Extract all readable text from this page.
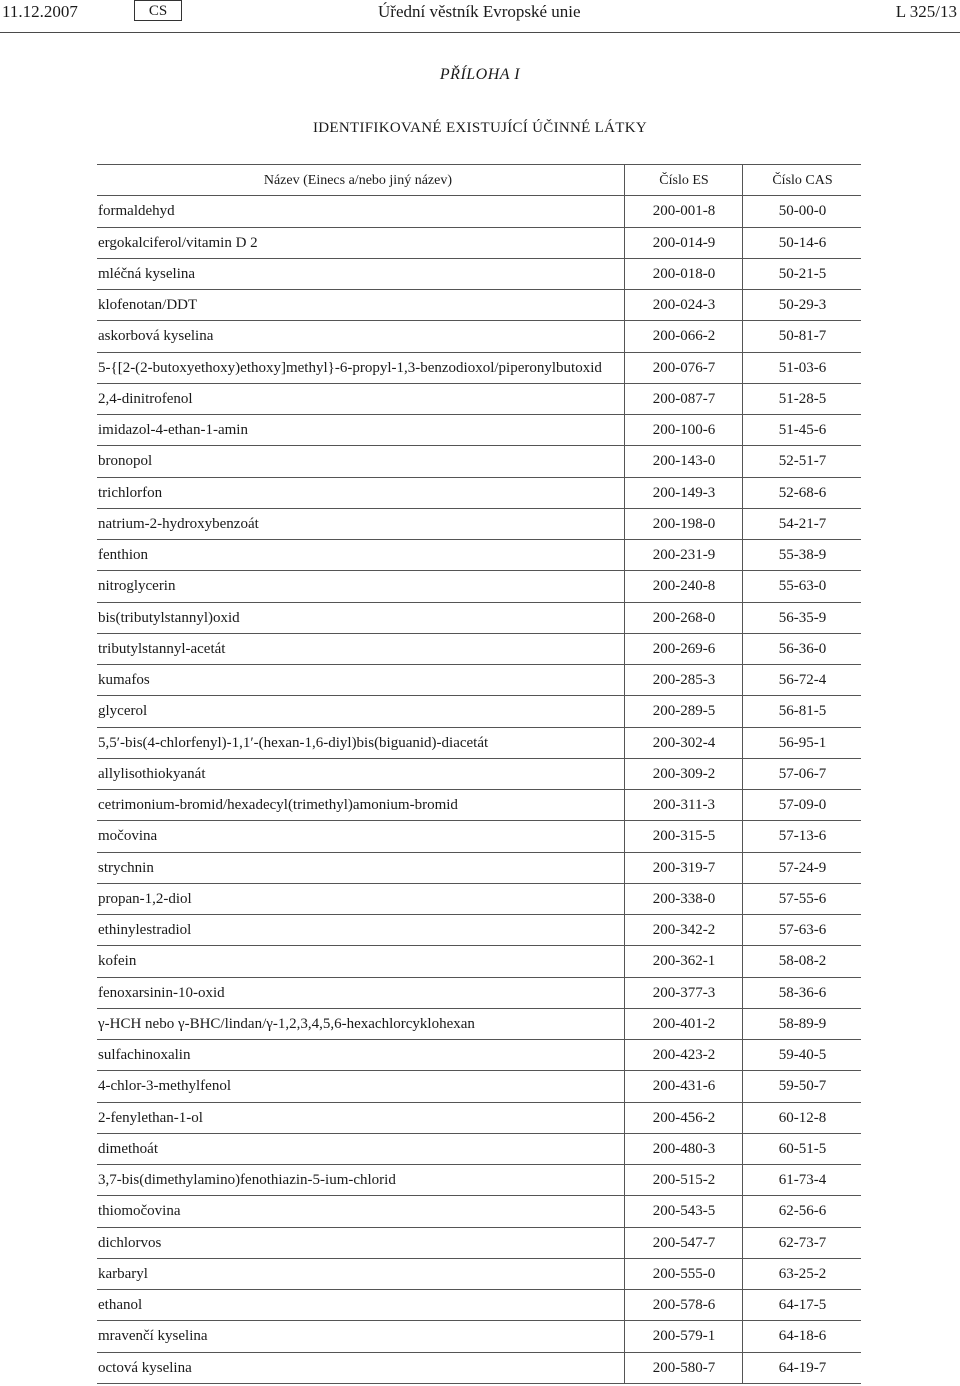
11.12.2007	CS	Úřední věstník Evropské unie	L 325/13
PŘÍLOHA I
IDENTIFIKOVANÉ EXISTUJÍCÍ ÚČINNÉ LÁTKY
Název (Einecs a/nebo jiný název)	Číslo ES	Číslo CAS
formaldehyd	200-001-8	50-00-0
ergokalciferol/vitamin D 2	200-014-9	50-14-6
mléčná kyselina	200-018-0	50-21-5
klofenotan/DDT	200-024-3	50-29-3
askorbová kyselina	200-066-2	50-81-7
5-{[2-(2-butoxyethoxy)ethoxy]methyl}-6-propyl-1,3-benzodioxol/piperonylbutoxid	200-076-7	51-03-6
2,4-dinitrofenol	200-087-7	51-28-5
imidazol-4-ethan-1-amin	200-100-6	51-45-6
bronopol	200-143-0	52-51-7
trichlorfon	200-149-3	52-68-6
natrium-2-hydroxybenzoát	200-198-0	54-21-7
fenthion	200-231-9	55-38-9
nitroglycerin	200-240-8	55-63-0
bis(tributylstannyl)oxid	200-268-0	56-35-9
tributylstannyl-acetát	200-269-6	56-36-0
kumafos	200-285-3	56-72-4
glycerol	200-289-5	56-81-5
5,5′-bis(4-chlorfenyl)-1,1′-(hexan-1,6-diyl)bis(biguanid)-diacetát	200-302-4	56-95-1
allylisothiokyanát	200-309-2	57-06-7
cetrimonium-bromid/hexadecyl(trimethyl)amonium-bromid	200-311-3	57-09-0
močovina	200-315-5	57-13-6
strychnin	200-319-7	57-24-9
propan-1,2-diol	200-338-0	57-55-6
ethinylestradiol	200-342-2	57-63-6
kofein	200-362-1	58-08-2
fenoxarsinin-10-oxid	200-377-3	58-36-6
γ-HCH nebo γ-BHC/lindan/γ-1,2,3,4,5,6-hexachlorcyklohexan	200-401-2	58-89-9
sulfachinoxalin	200-423-2	59-40-5
4-chlor-3-methylfenol	200-431-6	59-50-7
2-fenylethan-1-ol	200-456-2	60-12-8
dimethoát	200-480-3	60-51-5
3,7-bis(dimethylamino)fenothiazin-5-ium-chlorid	200-515-2	61-73-4
thiomočovina	200-543-5	62-56-6
dichlorvos	200-547-7	62-73-7
karbaryl	200-555-0	63-25-2
ethanol	200-578-6	64-17-5
mravenčí kyselina	200-579-1	64-18-6
octová kyselina	200-580-7	64-19-7
